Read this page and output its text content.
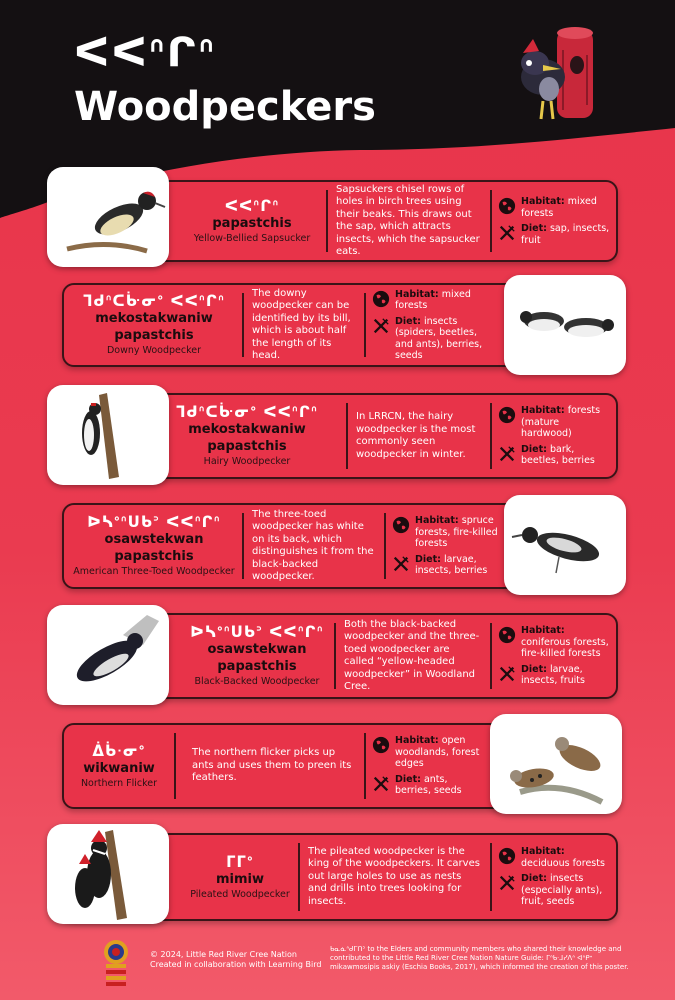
ᐸᐸᐢᒋᐢ
Woodpeckers
ᐸᐸᐢᒋᐢ
papastchis
Yellow-Bellied Sapsucker
Sapsuckers chisel rows of holes in birch trees using their beaks. This draws out the sap, which attracts insects, which the sapsucker eats.
Habitat: mixed forests
Diet: sap, insects, fruit
ᒣᑯᐢᑕᒁᓂᐤ ᐸᐸᐢᒋᐢ
mekostakwaniw papastchis
Downy Woodpecker
The downy woodpecker can be identified by its bill, which is about half the length of its head.
Habitat: mixed forests
Diet: insects (spiders, beetles, and ants), berries, seeds
ᒣᑯᐢᑕᒁᓂᐤ ᐸᐸᐢᒋᐢ
mekostakwaniw papastchis
Hairy Woodpecker
In LRRCN, the hairy woodpecker is the most commonly seen woodpecker in winter.
Habitat: forests (mature hardwood)
Diet: bark, beetles, berries
ᐅᓴᐤᐢᑌᑲᐣ ᐸᐸᐢᒋᐢ
osawstekwan papastchis
American Three-Toed Woodpecker
The three-toed woodpecker has white on its back, which distinguishes it from the black-backed woodpecker.
Habitat: spruce forests, fire-killed forests
Diet: larvae, insects, berries
ᐅᓴᐤᐢᑌᑲᐣ ᐸᐸᐢᒋᐢ
osawstekwan papastchis
Black-Backed Woodpecker
Both the black-backed woodpecker and the three-toed woodpecker are called “yellow-headed woodpecker” in Woodland Cree.
Habitat: coniferous forests, fire-killed forests
Diet: larvae, insects, fruits
ᐄᑳᐧᓂᐤ
wikwaniw
Northern Flicker
The northern flicker picks up ants and uses them to preen its feathers.
Habitat: open woodlands, forest edges
Diet: ants, berries, seeds
ᒥᒥᐤ
mimiw
Pileated Woodpecker
The pileated woodpecker is the king of the woodpeckers. It carves out large holes to use as nests and drills into trees looking for insects.
Habitat: deciduous forests
Diet: insects (especially ants), fruit, seeds
© 2024, Little Red River Cree Nation
Created in collaboration with Learning Bird
ᑲᓇᓈᐢᑯᒥᑎᐣ to the Elders and community members who shared their knowledge and contributed to the Little Red River Cree Nation Nature Guide: ᒥᐢᑲᐧᒧᓯᐱᐢ ᐊᐢᑭᕀ mikawmosipis askiy (Eschia Books, 2017), which informed the creation of this poster.
